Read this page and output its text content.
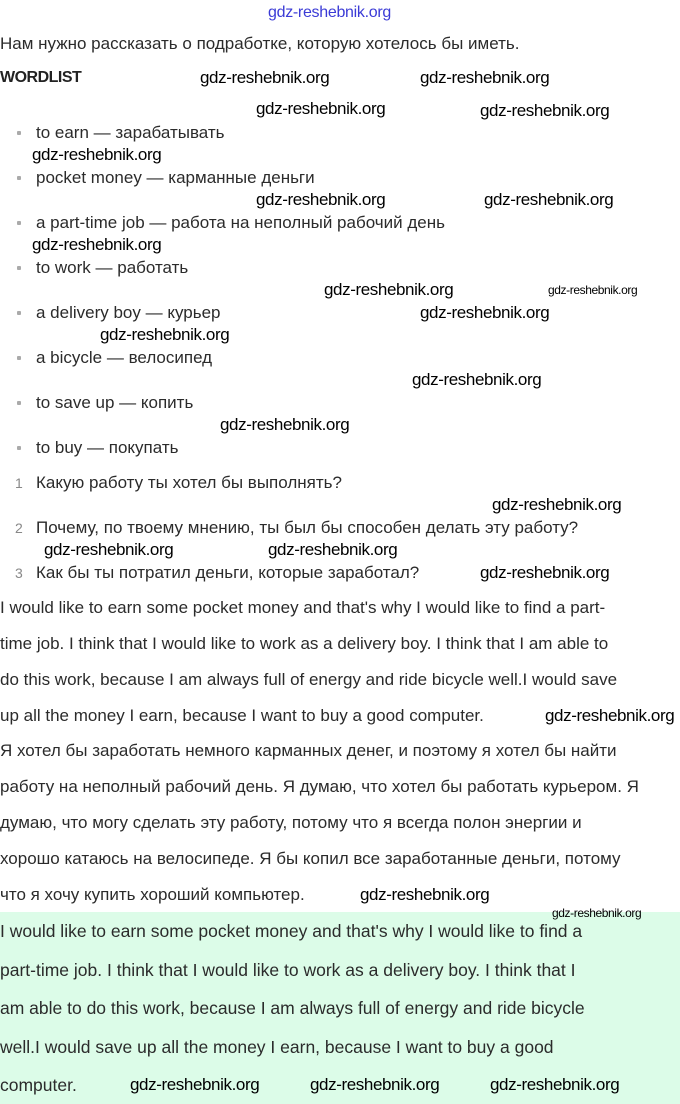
gdz-reshebnik.org
Нам нужно рассказать о подработке, которую хотелось бы иметь.
WORDLIST
to earn — зарабатывать
pocket money — карманные деньги
a part-time job — работа на неполный рабочий день
to work — работать
a delivery boy — курьер
a bicycle — велосипед
to save up — копить
to buy — покупать
1 Какую работу ты хотел бы выполнять?
2 Почему, по твоему мнению, ты был бы способен делать эту работу?
3 Как бы ты потратил деньги, которые заработал?
I would like to earn some pocket money and that's why I would like to find a part-
time job. I think that I would like to work as a delivery boy. I think that I am able to
do this work, because I am always full of energy and ride bicycle well.I would save
up all the money I earn, because I want to buy a good computer.
Я хотел бы заработать немного карманных денег, и поэтому я хотел бы найти
работу на неполный рабочий день. Я думаю, что хотел бы работать курьером. Я
думаю, что могу сделать эту работу, потому что я всегда полон энергии и
хорошо катаюсь на велосипеде. Я бы копил все заработанные деньги, потому
что я хочу купить хороший компьютер.
I would like to earn some pocket money and that's why I would like to find a
part-time job. I think that I would like to work as a delivery boy. I think that I
am able to do this work, because I am always full of energy and ride bicycle
well.I would save up all the money I earn, because I want to buy a good
computer.
gdz-reshebnik.org	gdz-reshebnik.org
gdz-reshebnik.org	gdz-reshebnik.org
gdz-reshebnik.org
gdz-reshebnik.org	gdz-reshebnik.org
gdz-reshebnik.org
gdz-reshebnik.org	gdz-reshebnik.org
gdz-reshebnik.org
gdz-reshebnik.org
gdz-reshebnik.org
gdz-reshebnik.org
gdz-reshebnik.org
gdz-reshebnik.org	gdz-reshebnik.org
gdz-reshebnik.org
gdz-reshebnik.org
gdz-reshebnik.org
gdz-reshebnik.org
gdz-reshebnik.org	gdz-reshebnik.org	gdz-reshebnik.org
